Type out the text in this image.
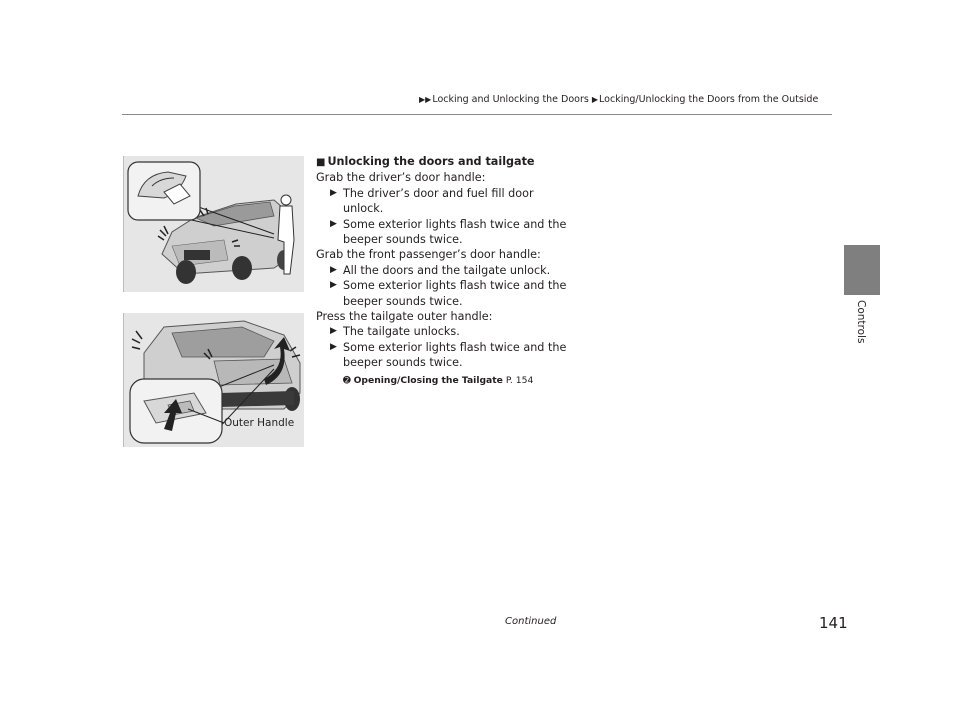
▶▶Locking and Unlocking the Doors ▶Locking/Unlocking the Doors from the Outside
Controls
Outer Handle
■ Unlocking the doors and tailgate
Grab the driver’s door handle:
▶ The driver’s door and fuel fill door
unlock.
▶ Some exterior lights flash twice and the
beeper sounds twice.
Grab the front passenger’s door handle:
▶ All the doors and the tailgate unlock.
▶ Some exterior lights flash twice and the
beeper sounds twice.
Press the tailgate outer handle:
▶ The tailgate unlocks.
▶ Some exterior lights flash twice and the
beeper sounds twice.
➋ Opening/Closing the Tailgate P. 154
Continued	141
